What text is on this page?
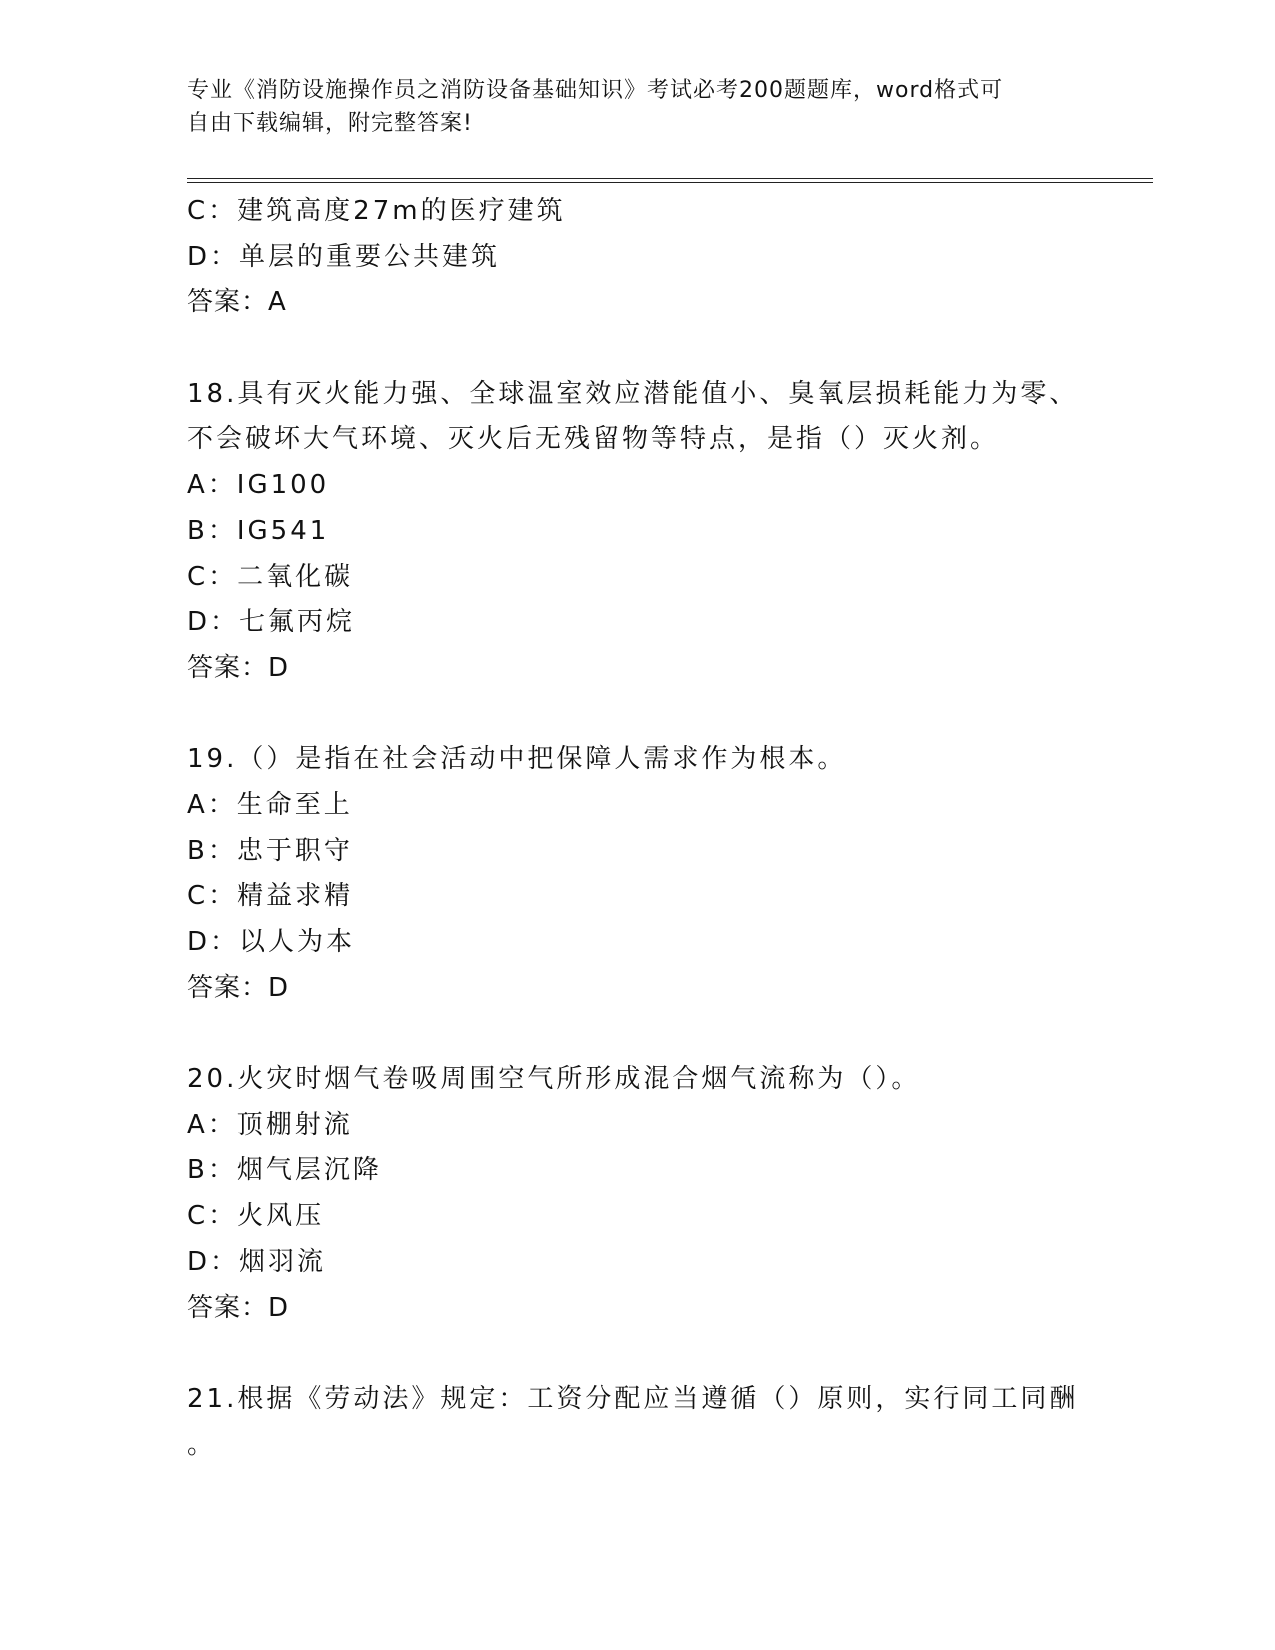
专业《消防设施操作员之消防设备基础知识》考试必考200题题库，word格式可
自由下载编辑，附完整答案!
C：建筑高度27m的医疗建筑
D：单层的重要公共建筑
答案：A
18.具有灭火能力强、全球温室效应潜能值小、臭氧层损耗能力为零、
不会破坏大气环境、灭火后无残留物等特点，是指（）灭火剂。
A：IG100
B：IG541
C：二氧化碳
D：七氟丙烷
答案：D
19.（）是指在社会活动中把保障人需求作为根本。
A：生命至上
B：忠于职守
C：精益求精
D：以人为本
答案：D
20.火灾时烟气卷吸周围空气所形成混合烟气流称为（）。
A：顶棚射流
B：烟气层沉降
C：火风压
D：烟羽流
答案：D
21.根据《劳动法》规定：工资分配应当遵循（）原则，实行同工同酬
。
